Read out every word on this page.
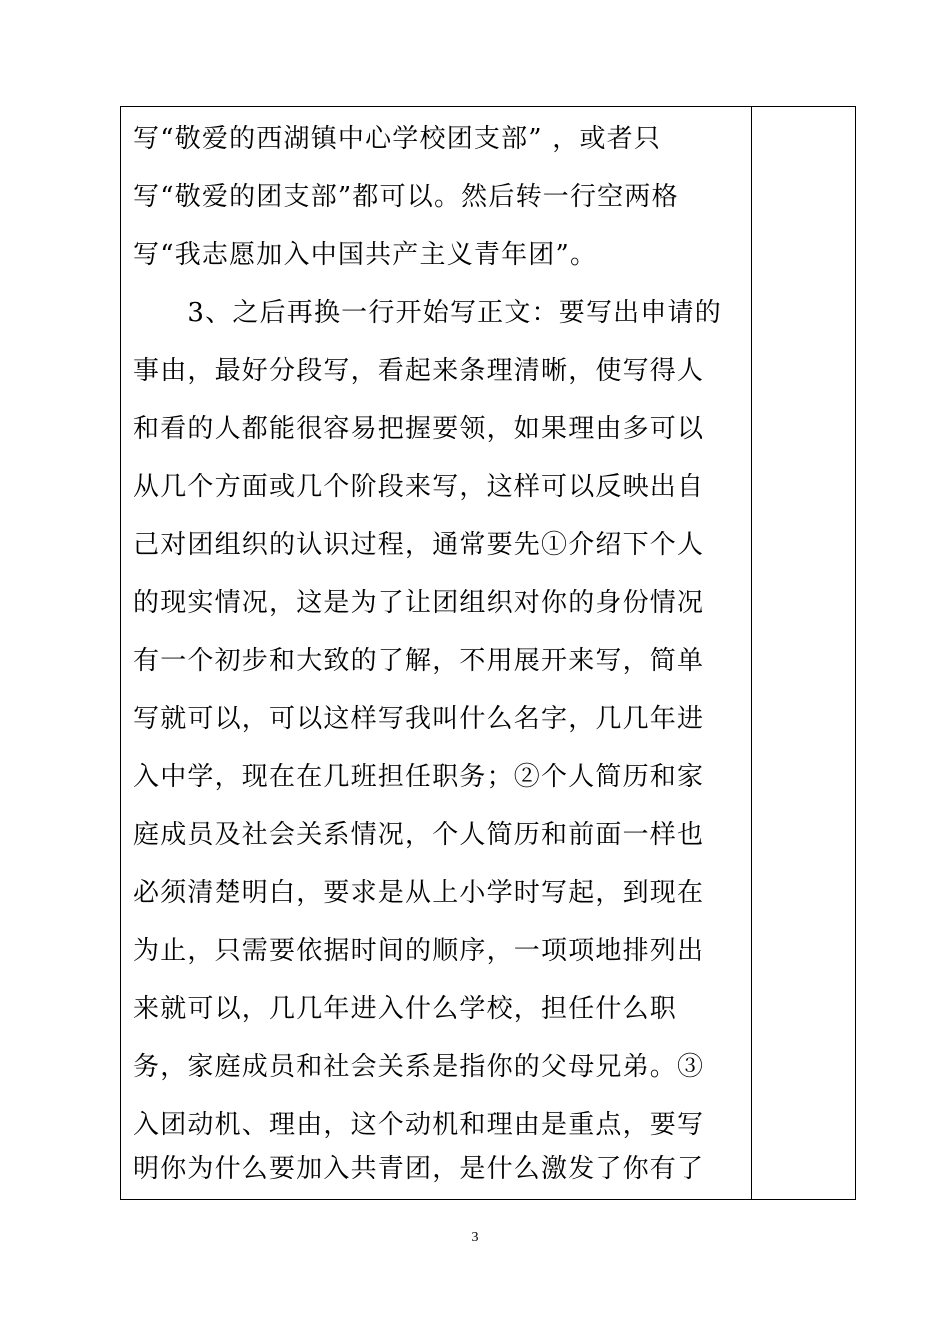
写“敬爱的西湖镇中心学校团支部” ，或者只
写“敬爱的团支部”都可以。然后转一行空两格
写“我志愿加入中国共产主义青年团”。
　　3、之后再换一行开始写正文：要写出申请的
事由，最好分段写，看起来条理清晰，使写得人
和看的人都能很容易把握要领，如果理由多可以
从几个方面或几个阶段来写，这样可以反映出自
己对团组织的认识过程，通常要先①介绍下个人
的现实情况，这是为了让团组织对你的身份情况
有一个初步和大致的了解，不用展开来写，简单
写就可以，可以这样写我叫什么名字，几几年进
入中学，现在在几班担任职务；②个人简历和家
庭成员及社会关系情况，个人简历和前面一样也
必须清楚明白，要求是从上小学时写起，到现在
为止，只需要依据时间的顺序，一项项地排列出
来就可以，几几年进入什么学校，担任什么职
务，家庭成员和社会关系是指你的父母兄弟。③
入团动机、理由，这个动机和理由是重点，要写
明你为什么要加入共青团，是什么激发了你有了
3
